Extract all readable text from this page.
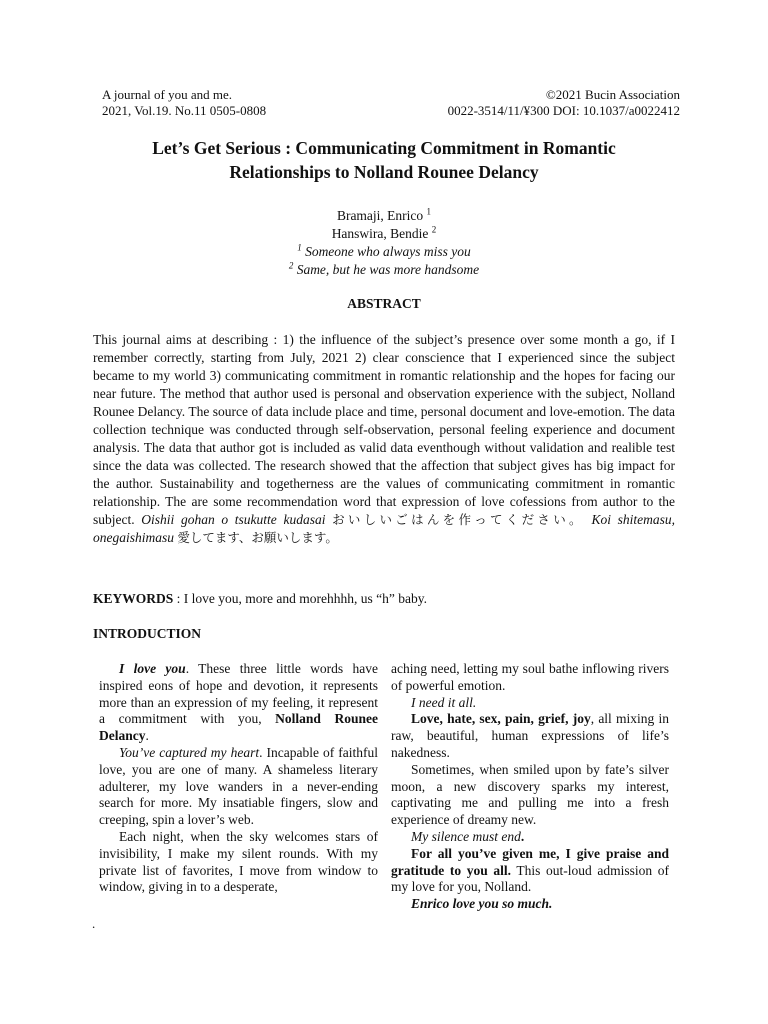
A journal of you and me.
2021, Vol.19. No.11 0505-0808
©2021 Bucin Association
0022-3514/11/¥300 DOI: 10.1037/a0022412
Let’s Get Serious : Communicating Commitment in Romantic
Relationships to Nolland Rounee Delancy
Bramaji, Enrico $^1$
Hanswira, Bendie $^2$
$^1$ Someone who always miss you
$^2$ Same, but he was more handsome
ABSTRACT
This journal aims at describing : 1) the influence of the subject’s presence over some month a go, if I remember correctly, starting from July, 2021 2) clear conscience that I experienced since the subject became to my world 3) communicating commitment in romantic relationship and the hopes for facing our near future. The method that author used is personal and observation experience with the subject, Nolland Rounee Delancy. The source of data include place and time, personal document and love-emotion. The data collection technique was conducted through self-observation, personal feeling experience and document analysis. The data that author got is included as valid data eventhough without validation and realible test since the data was collected. The research showed that the affection that subject gives has big impact for the author. Sustainability and togetherness are the values of communicating commitment in romantic relationship. The are some recommendation word that expression of love cofessions from author to the subject. Oishii gohan o tsukutte kudasai おいしいごはんを作ってください。 Koi shitemasu, onegaishimasu 愛してます、お願いします。
KEYWORDS : I love you, more and morehhhh, us “h” baby.
INTRODUCTION

I love you. These three little words have inspired eons of hope and devotion, it represents more than an expression of my feeling, it represent a commitment with you, Nolland Rounee Delancy.

You’ve captured my heart. Incapable of faithful love, you are one of many. A shameless literary adulterer, my love wanders in a never-ending search for more. My insatiable fingers, slow and creeping, spin a lover’s web.

Each night, when the sky welcomes stars of invisibility, I make my silent rounds. With my private list of favorites, I move from window to window, giving in to a desperate,

aching need, letting my soul bathe inflowing rivers of powerful emotion.

I need it all.

Love, hate, sex, pain, grief, joy, all mixing in raw, beautiful, human expressions of life’s nakedness.

Sometimes, when smiled upon by fate’s silver moon, a new discovery sparks my interest, captivating me and pulling me into a fresh experience of dreamy new.

My silence must end.

For all you’ve given me, I give praise and gratitude to you all. This out-loud admission of my love for you, Nolland.

Enrico love you so much.

.
